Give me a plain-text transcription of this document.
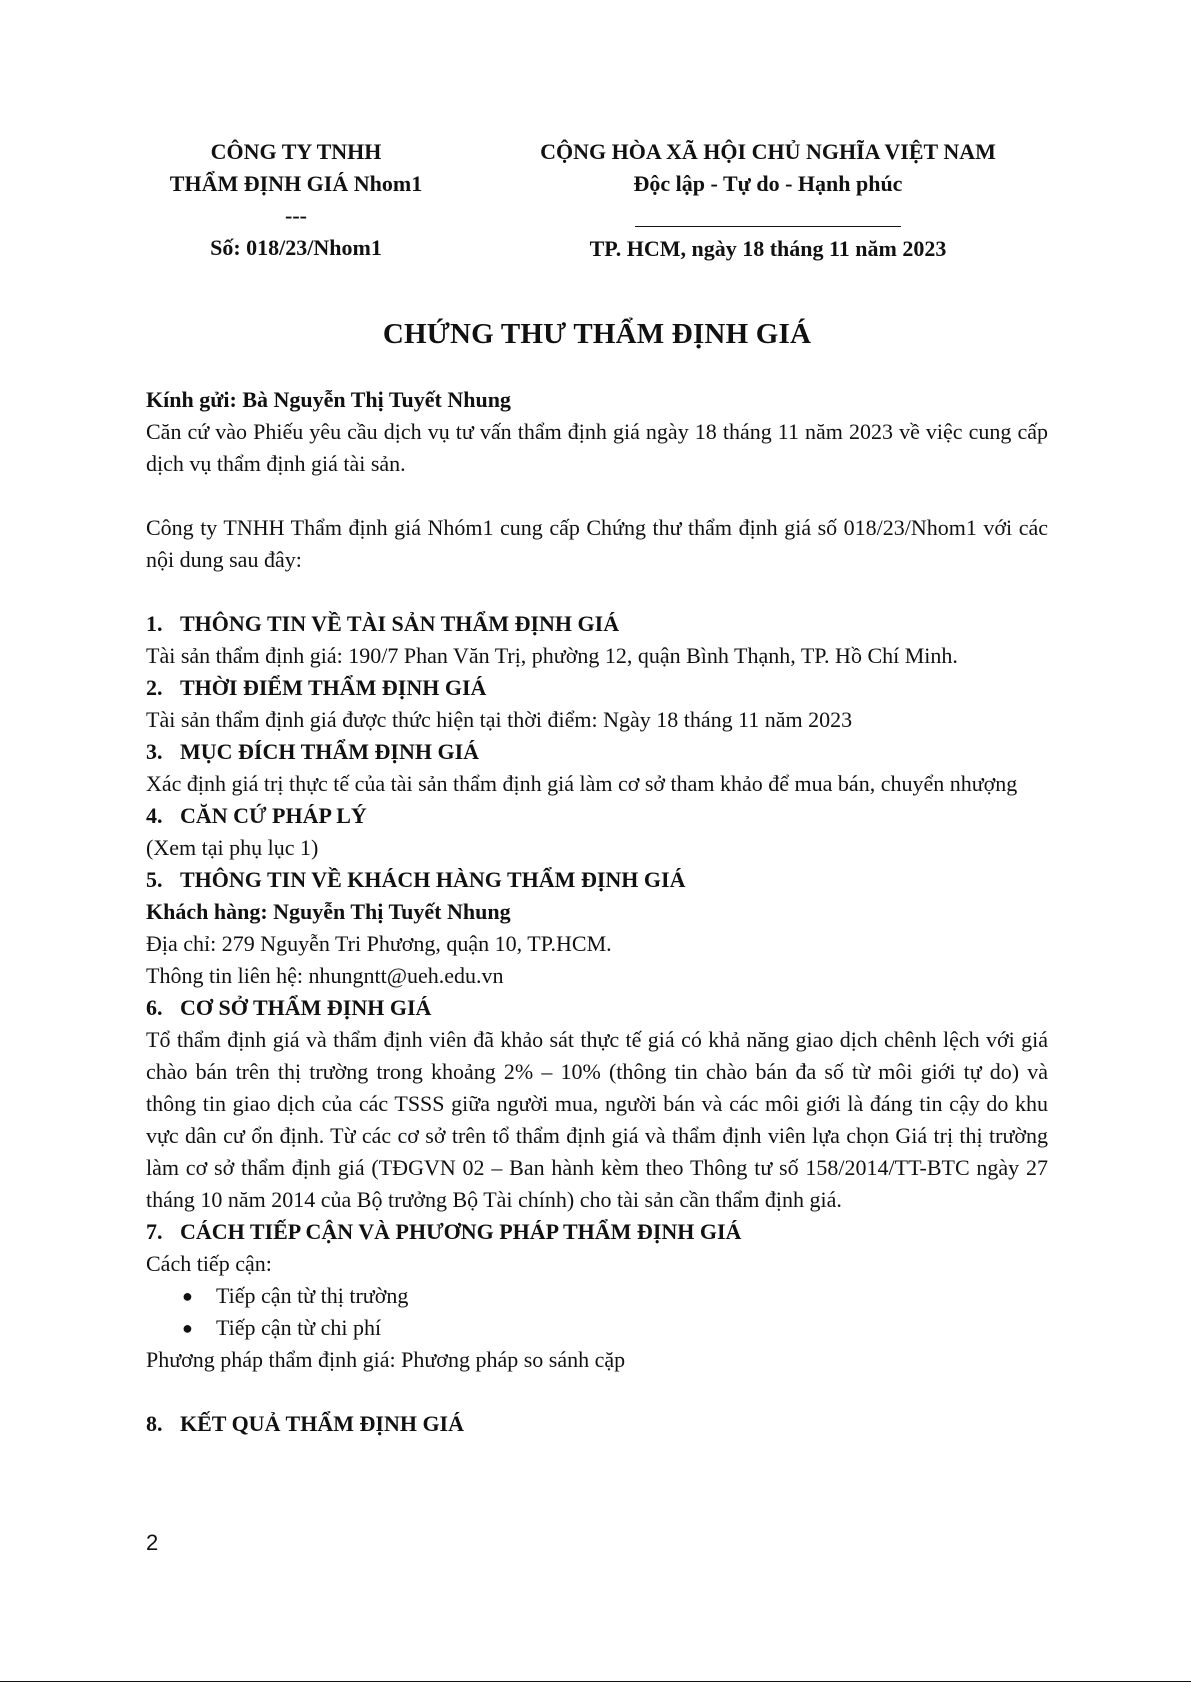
CÔNG TY TNHH
THẨM ĐỊNH GIÁ Nhom1
---
Số: 018/23/Nhom1
CỘNG HÒA XÃ HỘI CHỦ NGHĨA VIỆT NAM
Độc lập - Tự do - Hạnh phúc
TP. HCM, ngày 18 tháng 11 năm 2023
CHỨNG THƯ THẨM ĐỊNH GIÁ

Kính gửi: Bà Nguyễn Thị Tuyết Nhung

Căn cứ vào Phiếu yêu cầu dịch vụ tư vấn thẩm định giá ngày 18 tháng 11 năm 2023 về việc cung cấp dịch vụ thẩm định giá tài sản.

Công ty TNHH Thẩm định giá Nhóm1 cung cấp Chứng thư thẩm định giá số 018/23/Nhom1 với các nội dung sau đây:

1. THÔNG TIN VỀ TÀI SẢN THẨM ĐỊNH GIÁ

Tài sản thẩm định giá: 190/7 Phan Văn Trị, phường 12, quận Bình Thạnh, TP. Hồ Chí Minh.

2. THỜI ĐIỂM THẨM ĐỊNH GIÁ

Tài sản thẩm định giá được thức hiện tại thời điểm: Ngày 18 tháng 11 năm 2023

3. MỤC ĐÍCH THẨM ĐỊNH GIÁ

Xác định giá trị thực tế của tài sản thẩm định giá làm cơ sở tham khảo để mua bán, chuyển nhượng

4. CĂN CỨ PHÁP LÝ

(Xem tại phụ lục 1)

5. THÔNG TIN VỀ KHÁCH HÀNG THẨM ĐỊNH GIÁ

Khách hàng: Nguyễn Thị Tuyết Nhung

Địa chỉ: 279 Nguyễn Tri Phương, quận 10, TP.HCM.

Thông tin liên hệ: nhungntt@ueh.edu.vn

6. CƠ SỞ THẨM ĐỊNH GIÁ

Tổ thẩm định giá và thẩm định viên đã khảo sát thực tế giá có khả năng giao dịch chênh lệch với giá chào bán trên thị trường trong khoảng 2% – 10% (thông tin chào bán đa số từ môi giới tự do) và thông tin giao dịch của các TSSS giữa người mua, người bán và các môi giới là đáng tin cậy do khu vực dân cư ổn định. Từ các cơ sở trên tổ thẩm định giá và thẩm định viên lựa chọn Giá trị thị trường làm cơ sở thẩm định giá (TĐGVN 02 – Ban hành kèm theo Thông tư số 158/2014/TT-BTC ngày 27 tháng 10 năm 2014 của Bộ trưởng Bộ Tài chính) cho tài sản cần thẩm định giá.

7. CÁCH TIẾP CẬN VÀ PHƯƠNG PHÁP THẨM ĐỊNH GIÁ

Cách tiếp cận:

●	Tiếp cận từ thị trường
●	Tiếp cận từ chi phí

Phương pháp thẩm định giá: Phương pháp so sánh cặp

8. KẾT QUẢ THẨM ĐỊNH GIÁ
2
